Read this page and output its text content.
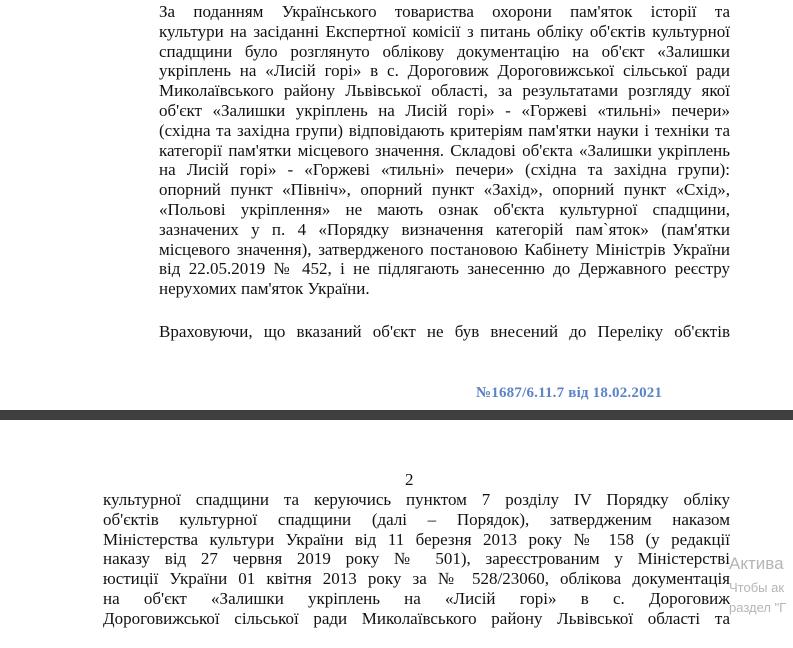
За поданням Українського товариства охорони пам'яток історії та
культури на засіданні Експертної комісії з питань обліку об'єктів культурної
спадщини було розглянуто облікову документацію на об'єкт «Залишки
укріплень на «Лисій горі» в с. Дороговиж Дороговижської сільської ради
Миколаївського району Львівської області, за результатами розгляду якої
об'єкт «Залишки укріплень на Лисій горі» - «Горжеві «тильні» печери»
(східна та західна групи) відповідають критеріям пам'ятки науки і техніки та
категорії пам'ятки місцевого значення. Складові об'єкта «Залишки укріплень
на Лисій горі» - «Горжеві «тильні» печери» (східна та західна групи):
опорний пункт «Північ», опорний пункт «Захід», опорний пункт «Схід»,
«Польові укріплення» не мають ознак об'єкта культурної спадщини,
зазначених у п. 4 «Порядку визначення категорій пам`яток» (пам'ятки
місцевого значення), затвердженого постановою Кабінету Міністрів України
від 22.05.2019 № 452, і не підлягають занесенню до Державного реєстру
нерухомих пам'яток України.
Враховуючи, що вказаний об'єкт не був внесений до Переліку об'єктів
№1687/6.11.7 від 18.02.2021
2
культурної спадщини та керуючись пунктом 7 розділу IV Порядку обліку
об'єктів культурної спадщини (далі – Порядок), затвердженим наказом
Міністерства культури України від 11 березня 2013 року № 158 (у редакції
наказу від 27 червня 2019 року № 501), зареєстрованим у Міністерстві
юстиції України 01 квітня 2013 року за № 528/23060, облікова документація
на об'єкт «Залишки укріплень на «Лисій горі» в с. Дороговиж
Дороговижської сільської ради Миколаївського району Львівської області та
Актива
Чтобы ак
раздел "Г
